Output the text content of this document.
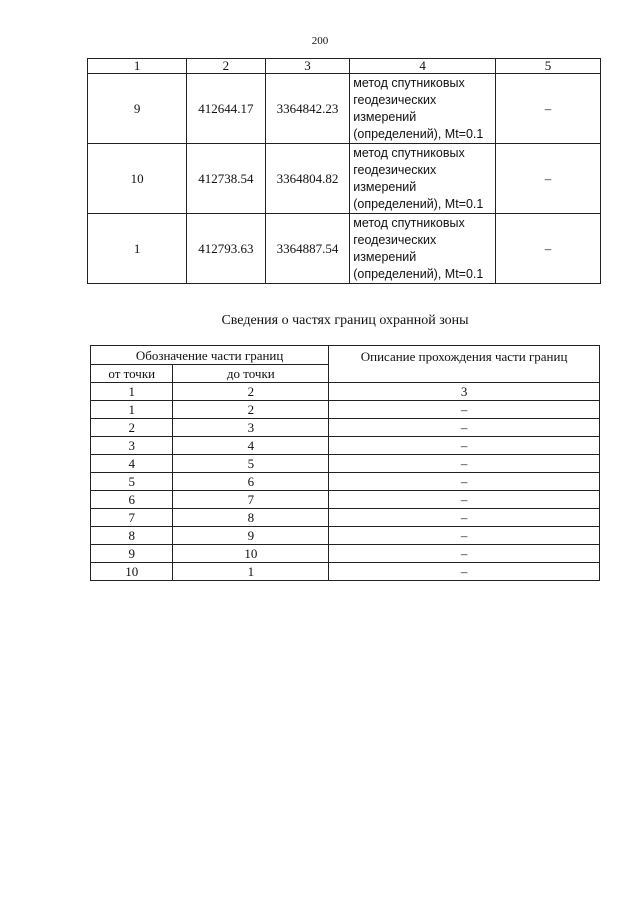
200
1	2	3	4	5
9	412644.17	3364842.23	метод спутниковых
геодезических
измерений
(определений), Mt=0.1	–
10	412738.54	3364804.82	метод спутниковых
геодезических
измерений
(определений), Mt=0.1	–
1	412793.63	3364887.54	метод спутниковых
геодезических
измерений
(определений), Mt=0.1	–
Сведения о частях границ охранной зоны
Обозначение части границ		Описание прохождения части границ
от точки	до точки	
1	2	3
1	2	–
2	3	–
3	4	–
4	5	–
5	6	–
6	7	–
7	8	–
8	9	–
9	10	–
10	1	–
